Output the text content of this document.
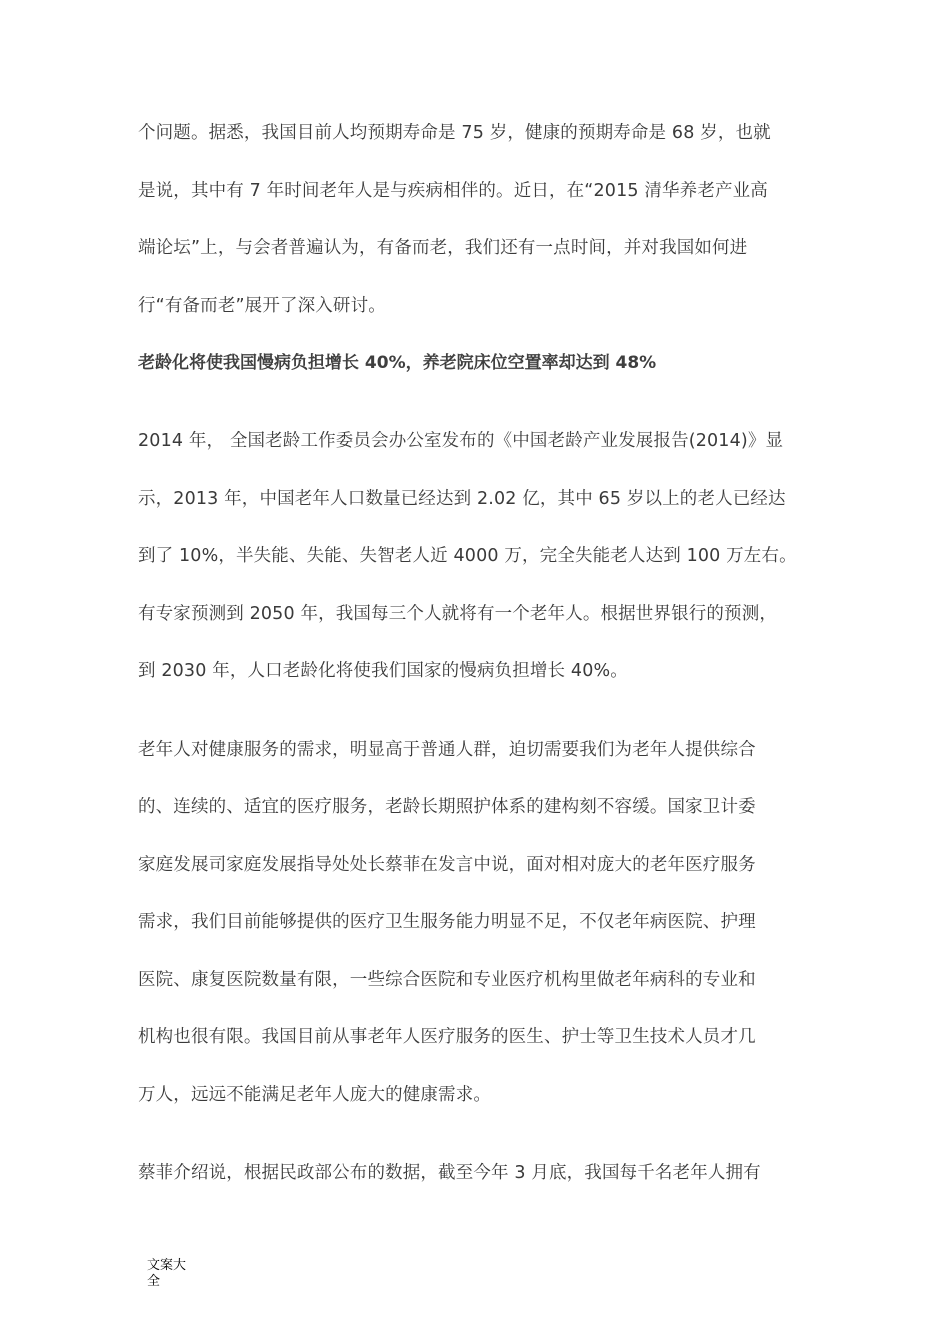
个问题。据悉，我国目前人均预期寿命是 75 岁，健康的预期寿命是 68 岁，也就
是说，其中有 7 年时间老年人是与疾病相伴的。近日，在“2015 清华养老产业高
端论坛”上，与会者普遍认为，有备而老，我们还有一点时间，并对我国如何进
行“有备而老”展开了深入研讨。
老龄化将使我国慢病负担增长 40%，养老院床位空置率却达到 48%
2014 年， 全国老龄工作委员会办公室发布的《中国老龄产业发展报告(2014)》显
示，2013 年，中国老年人口数量已经达到 2.02 亿，其中 65 岁以上的老人已经达
到了 10%，半失能、失能、失智老人近 4000 万，完全失能老人达到 100 万左右。
有专家预测到 2050 年，我国每三个人就将有一个老年人。根据世界银行的预测，
到 2030 年，人口老龄化将使我们国家的慢病负担增长 40%。
老年人对健康服务的需求，明显高于普通人群，迫切需要我们为老年人提供综合
的、连续的、适宜的医疗服务，老龄长期照护体系的建构刻不容缓。国家卫计委
家庭发展司家庭发展指导处处长蔡菲在发言中说，面对相对庞大的老年医疗服务
需求，我们目前能够提供的医疗卫生服务能力明显不足，不仅老年病医院、护理
医院、康复医院数量有限，一些综合医院和专业医疗机构里做老年病科的专业和
机构也很有限。我国目前从事老年人医疗服务的医生、护士等卫生技术人员才几
万人，远远不能满足老年人庞大的健康需求。
蔡菲介绍说，根据民政部公布的数据，截至今年 3 月底，我国每千名老年人拥有
文案大
全
